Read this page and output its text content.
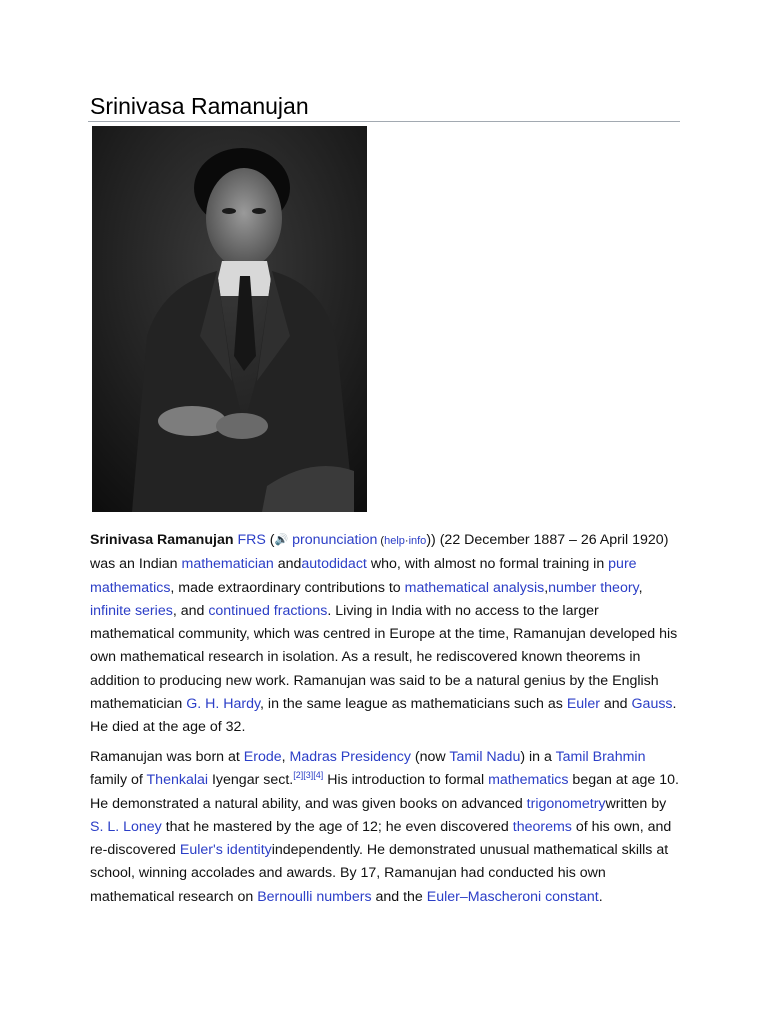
Srinivasa Ramanujan

Srinivasa Ramanujan FRS (🔊 pronunciation (help·info)) (22 December 1887 – 26 April 1920) was an Indian mathematician andautodidact who, with almost no formal training in pure mathematics, made extraordinary contributions to mathematical analysis,number theory, infinite series, and continued fractions. Living in India with no access to the larger mathematical community, which was centred in Europe at the time, Ramanujan developed his own mathematical research in isolation. As a result, he rediscovered known theorems in addition to producing new work. Ramanujan was said to be a natural genius by the English mathematician G. H. Hardy, in the same league as mathematicians such as Euler and Gauss. He died at the age of 32.

Ramanujan was born at Erode, Madras Presidency (now Tamil Nadu) in a Tamil Brahmin family of Thenkalai Iyengar sect.[2][3][4] His introduction to formal mathematics began at age 10. He demonstrated a natural ability, and was given books on advanced trigonometrywritten by S. L. Loney that he mastered by the age of 12; he even discovered theorems of his own, and re-discovered Euler's identityindependently. He demonstrated unusual mathematical skills at school, winning accolades and awards. By 17, Ramanujan had conducted his own mathematical research on Bernoulli numbers and the Euler–Mascheroni constant.
